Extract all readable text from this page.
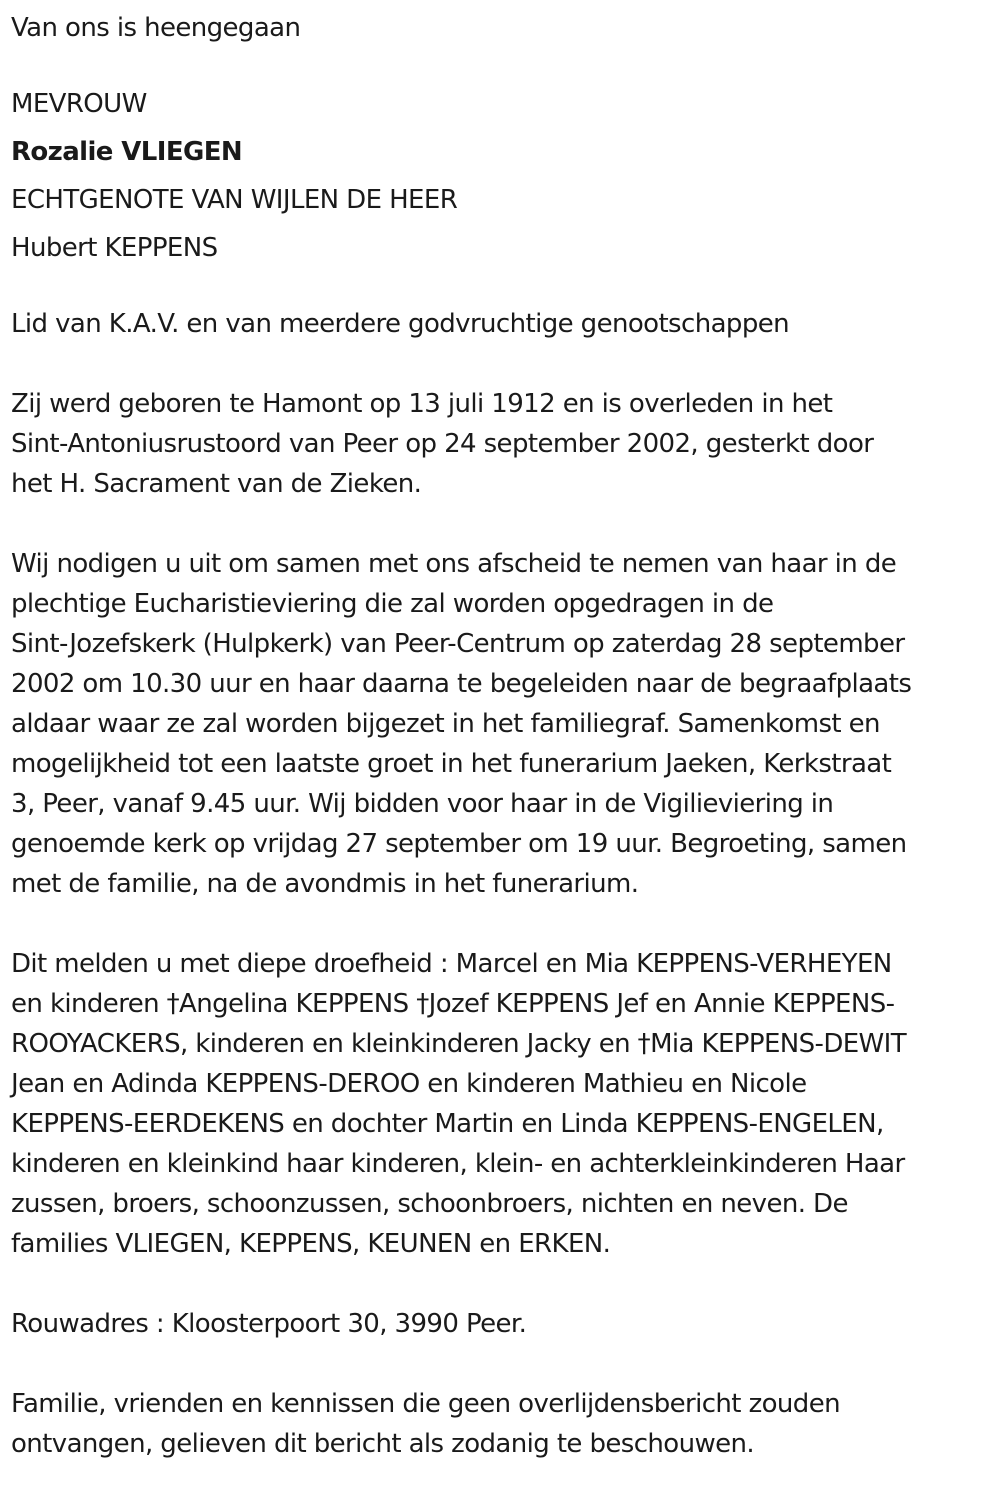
Van ons is heengegaan

MEVROUW

Rozalie VLIEGEN

ECHTGENOTE VAN WIJLEN DE HEER

Hubert KEPPENS

Lid van K.A.V. en van meerdere godvruchtige genootschappen

Zij werd geboren te Hamont op 13 juli 1912 en is overleden in het

Sint-Antoniusrustoord van Peer op 24 september 2002, gesterkt door

het H. Sacrament van de Zieken.

Wij nodigen u uit om samen met ons afscheid te nemen van haar in de

plechtige Eucharistieviering die zal worden opgedragen in de

Sint-Jozefskerk (Hulpkerk) van Peer-Centrum op zaterdag 28 september

2002 om 10.30 uur en haar daarna te begeleiden naar de begraafplaats

aldaar waar ze zal worden bijgezet in het familiegraf. Samenkomst en

mogelijkheid tot een laatste groet in het funerarium Jaeken, Kerkstraat

3, Peer, vanaf 9.45 uur. Wij bidden voor haar in de Vigilieviering in

genoemde kerk op vrijdag 27 september om 19 uur. Begroeting, samen

met de familie, na de avondmis in het funerarium.

Dit melden u met diepe droefheid : Marcel en Mia KEPPENS-VERHEYEN

en kinderen †Angelina KEPPENS †Jozef KEPPENS Jef en Annie KEPPENS-

ROOYACKERS, kinderen en kleinkinderen Jacky en †Mia KEPPENS-DEWIT

Jean en Adinda KEPPENS-DEROO en kinderen Mathieu en Nicole

KEPPENS-EERDEKENS en dochter Martin en Linda KEPPENS-ENGELEN,

kinderen en kleinkind haar kinderen, klein- en achterkleinkinderen Haar

zussen, broers, schoonzussen, schoonbroers, nichten en neven. De

families VLIEGEN, KEPPENS, KEUNEN en ERKEN.

Rouwadres : Kloosterpoort 30, 3990 Peer.

Familie, vrienden en kennissen die geen overlijdensbericht zouden

ontvangen, gelieven dit bericht als zodanig te beschouwen.
